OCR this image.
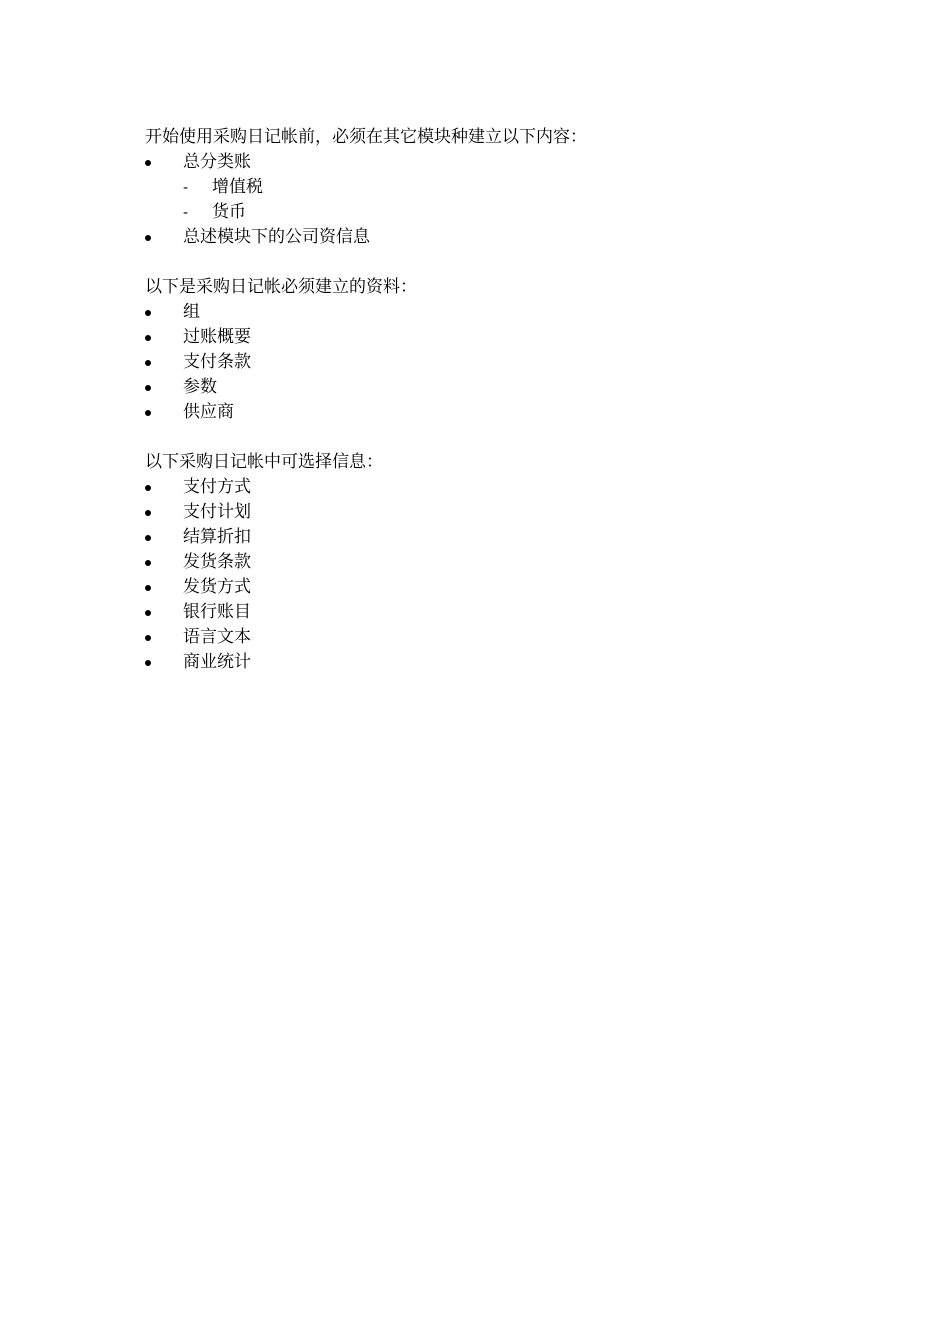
开始使用采购日记帐前，必须在其它模块种建立以下内容：

总分类账
- 增值税
- 货币
总述模块下的公司资信息

以下是采购日记帐必须建立的资料：

组
过账概要
支付条款
参数
供应商

以下采购日记帐中可选择信息：

支付方式
支付计划
结算折扣
发货条款
发货方式
银行账目
语言文本
商业统计
